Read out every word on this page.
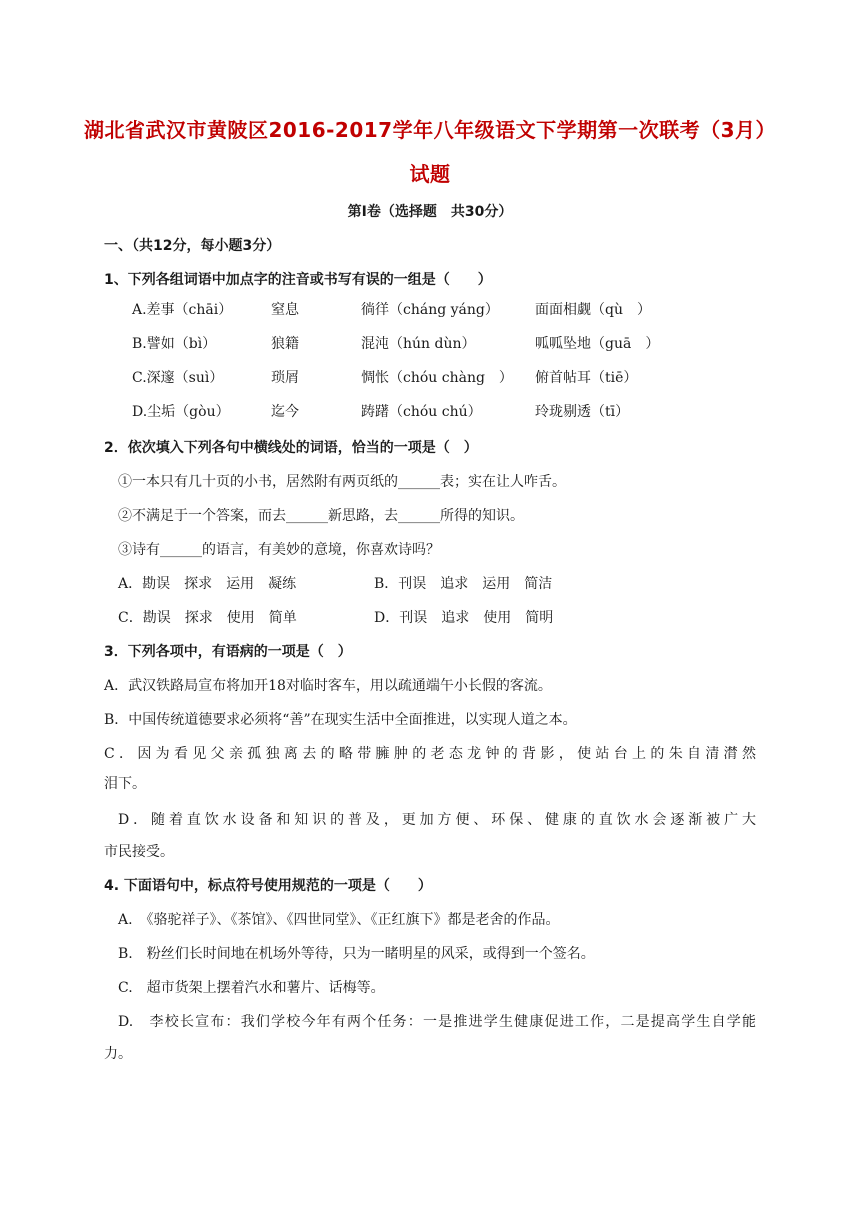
湖北省武汉市黄陂区2016-2017学年八年级语文下学期第一次联考（3月）
试题
第Ⅰ卷（选择题　共30分）
一、（共12分，每小题3分）
1、下列各组词语中加点字的注音或书写有误的一组是（　　）
A.差事（chāi）	窒息	徜徉（cháng yáng）	面面相觑（qù　）
B.譬如（bì）	狼籍	混沌（hún dùn）	呱呱坠地（guā　）
C.深邃（suì）	琐屑	惆怅（chóu chàng　） 俯首帖耳（tiē）
D.尘垢（gòu）	迄今	踌躇（chóu chú）	玲珑剔透（tī）
2．依次填入下列各句中横线处的词语，恰当的一项是（　）
①一本只有几十页的小书，居然附有两页纸的______表；实在让人咋舌。
②不满足于一个答案，而去______新思路，去______所得的知识。
③诗有______的语言，有美妙的意境，你喜欢诗吗？
A．勘误　探求　运用　凝练	B．刊误　追求　运用　简洁
C．勘误　探求　使用　简单	D．刊误　追求　使用　简明
3．下列各项中，有语病的一项是（　）
A．武汉铁路局宣布将加开18对临时客车，用以疏通端午小长假的客流。
B．中国传统道德要求必须将“善”在现实生活中全面推进，以实现人道之本。
C．因为看见父亲孤独离去的略带臃肿的老态龙钟的背影，使站台上的朱自清潸然
泪下。
D．随着直饮水设备和知识的普及，更加方便、环保、健康的直饮水会逐渐被广大
市民接受。
4. 下面语句中，标点符号使用规范的一项是（　　）
A.　《骆驼祥子》、《茶馆》、《四世同堂》、《正红旗下》都是老舍的作品。
B.　粉丝们长时间地在机场外等待，只为一睹明星的风采，或得到一个签名。
C.　超市货架上摆着汽水和薯片、话梅等。
D.　李校长宣布：我们学校今年有两个任务：一是推进学生健康促进工作，二是提高学生自学能
力。
